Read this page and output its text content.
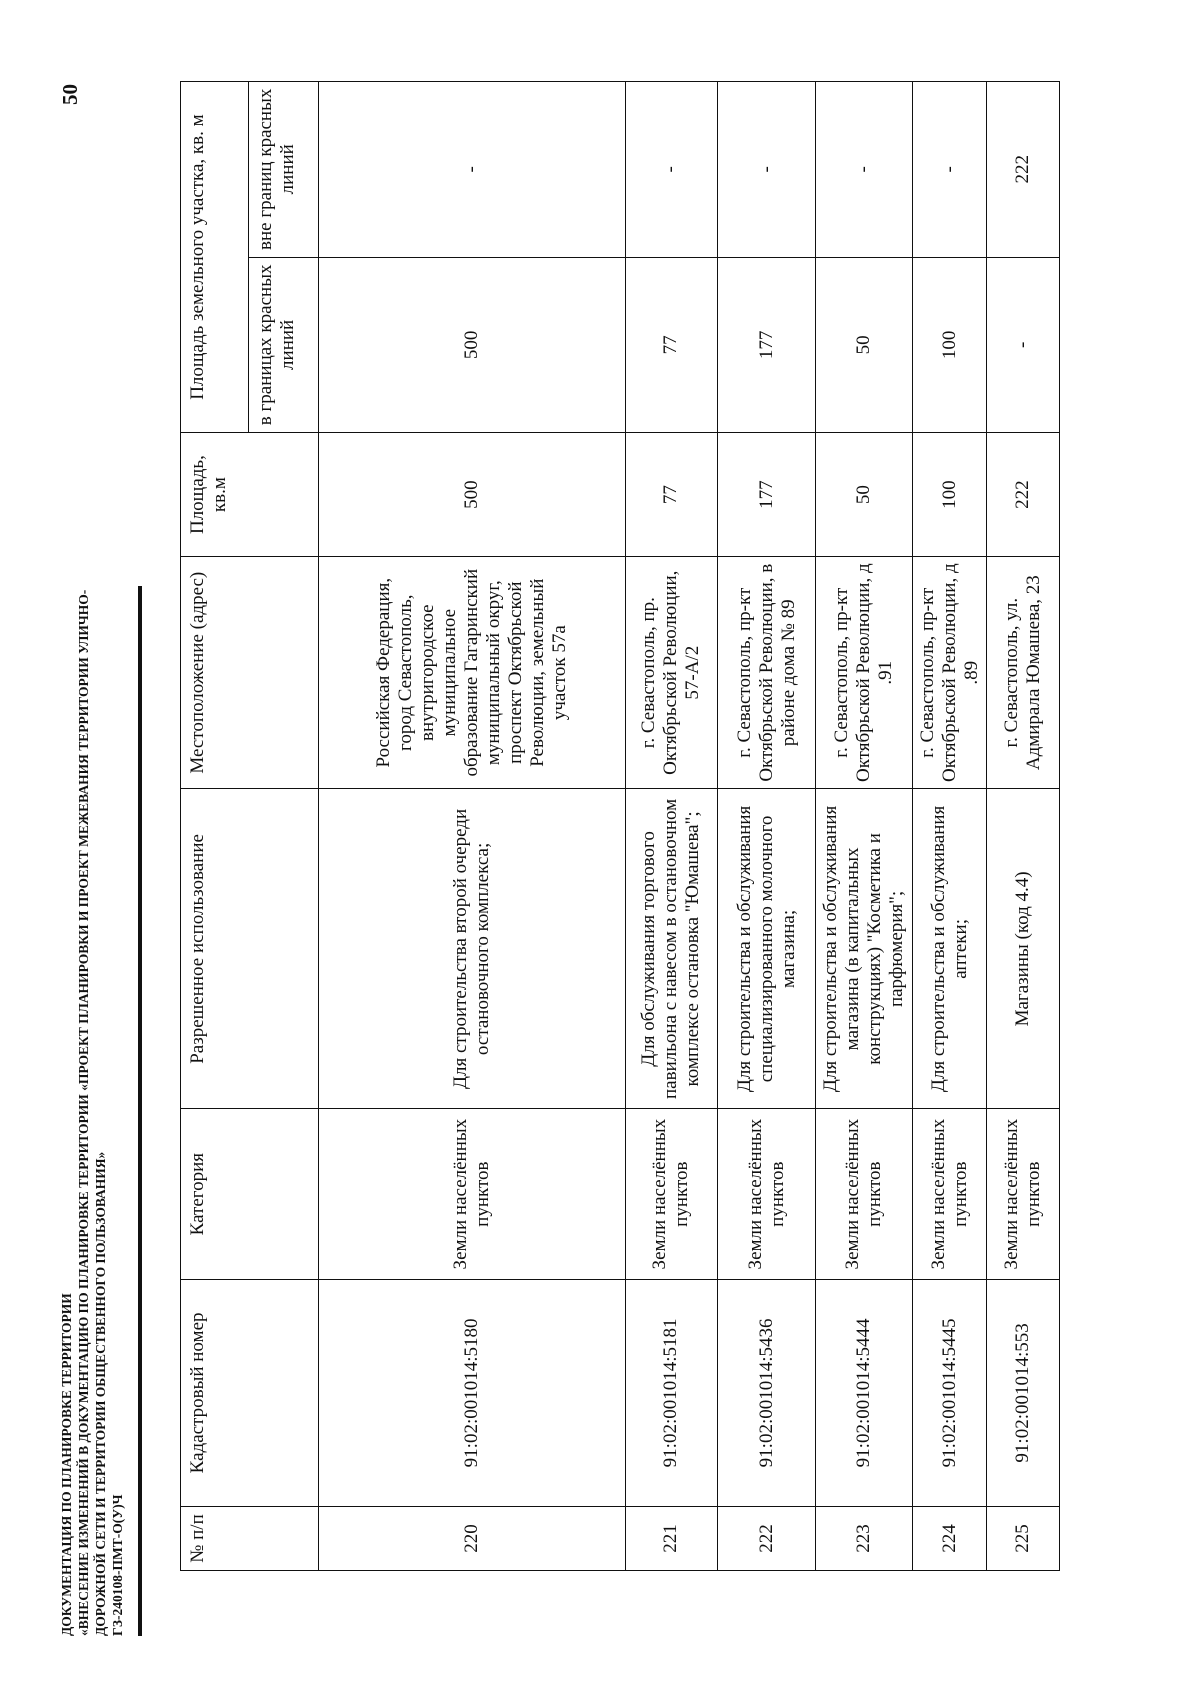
50
ДОКУМЕНТАЦИЯ ПО ПЛАНИРОВКЕ ТЕРРИТОРИИ «ВНЕСЕНИЕ ИЗМЕНЕНИЙ В ДОКУМЕНТАЦИЮ ПО ПЛАНИРОВКЕ ТЕРРИТОРИИ «ПРОЕКТ ПЛАНИРОВКИ И ПРОЕКТ МЕЖЕВАНИЯ ТЕРРИТОРИИ УЛИЧНО- ДОРОЖНОЙ СЕТИ И ТЕРРИТОРИИ ОБЩЕСТВЕННОГО ПОЛЬЗОВАНИЯ» ГЗ-240108-ПМТ-О(У)Ч	№ п/п	Кадастровый номер	Категория	Разрешенное использование	Местоположение (адрес)	Площадь, кв.м	Площадь земельного участка, кв. м	
						в границах красных линий	вне границ красных линий
220	91:02:001014:5180	Земли населённых пунктов	Для строительства второй очереди остановочного комплекса;	Российская Федерация, город Севастополь, внутригородское муниципальное образование Гагаринский муниципальный округ, проспект Октябрьской Революции, земельный участок 57а	500	500	-
221	91:02:001014:5181	Земли населённых пунктов	Для обслуживания торгового павильона с навесом в остановочном комплексе остановка "Юмашева";	г. Севастополь, пр. Октябрьской Революции, 57-А/2	77	77	-
222	91:02:001014:5436	Земли населённых пунктов	Для строительства и обслуживания специализированного молочного магазина;	г. Севастополь, пр-кт Октябрьской Революции, в районе дома № 89	177	177	-
223	91:02:001014:5444	Земли населённых пунктов	Для строительства и обслуживания магазина (в капитальных конструкциях) "Косметика и парфюмерия";	г. Севастополь, пр-кт Октябрьской Революции, д .91	50	50	-
224	91:02:001014:5445	Земли населённых пунктов	Для строительства и обслуживания аптеки;	г. Севастополь, пр-кт Октябрьской Революции, д .89	100	100	-
225	91:02:001014:553	Земли населённых пунктов	Магазины (код 4.4)	г. Севастополь, ул. Адмирала Юмашева, 23	222	-	222
